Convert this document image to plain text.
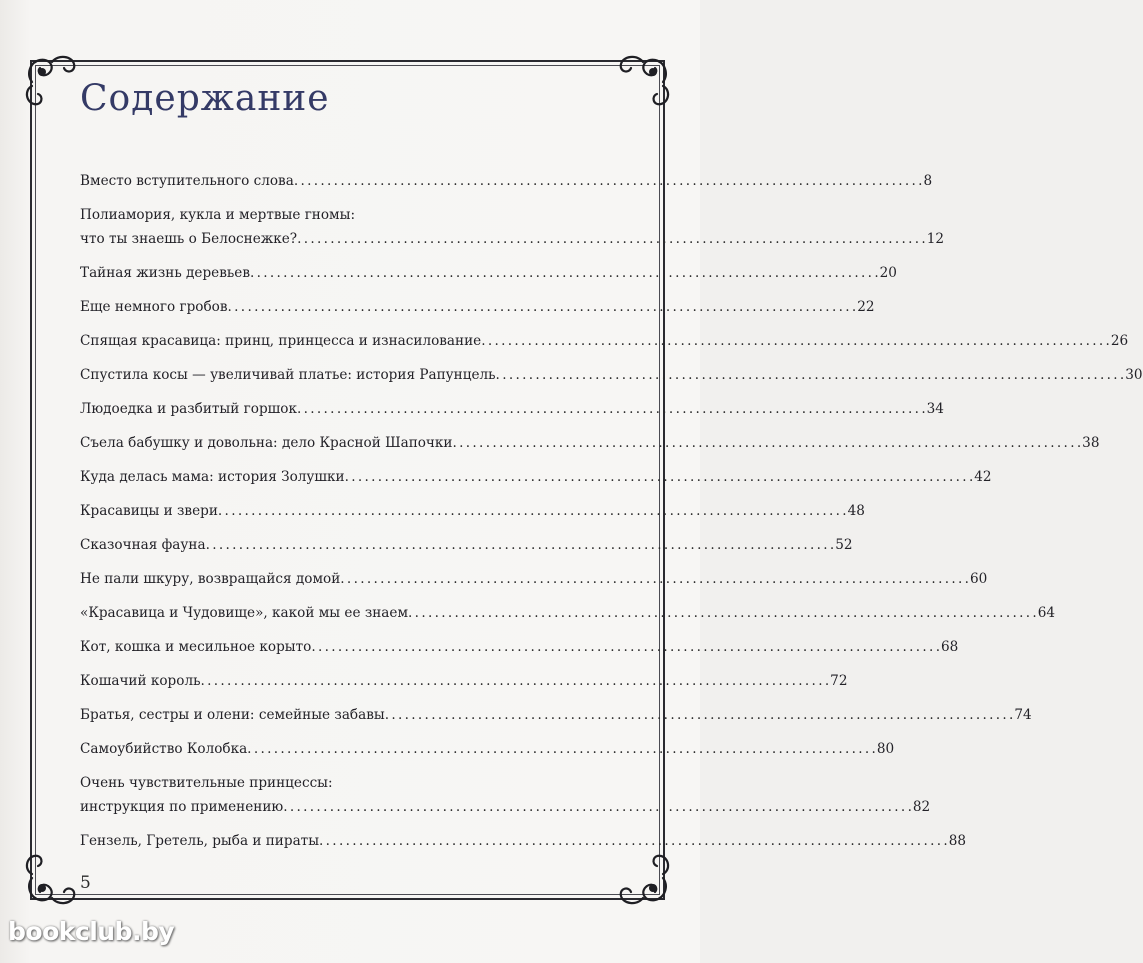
Содержание
Вместо вступительного слова . . .	8
Полиамория, кукла и мертвые гномы:
что ты знаешь о Белоснежке? . . .	12
Тайная жизнь деревьев . . .	20
Еще немного гробов . . .	22
Спящая красавица: принц, принцесса и изнасилование . . .	26
Спустила косы — увеличивай платье: история Рапунцель . . .	30
Людоедка и разбитый горшок . . .	34
Съела бабушку и довольна: дело Красной Шапочки . . .	38
Куда делась мама: история Золушки . . .	42
Красавицы и звери . . .	48
Сказочная фауна . . .	52
Не пали шкуру, возвращайся домой . . .	60
«Красавица и Чудовище», какой мы ее знаем . . .	64
Кот, кошка и месильное корыто . . .	68
Кошачий король . . .	72
Братья, сестры и олени: семейные забавы . . .	74
Самоубийство Колобка . . .	80
Очень чувствительные принцессы:
инструкция по применению . . .	82
Гензель, Гретель, рыба и пираты . . .	88
5
bookclub.by
